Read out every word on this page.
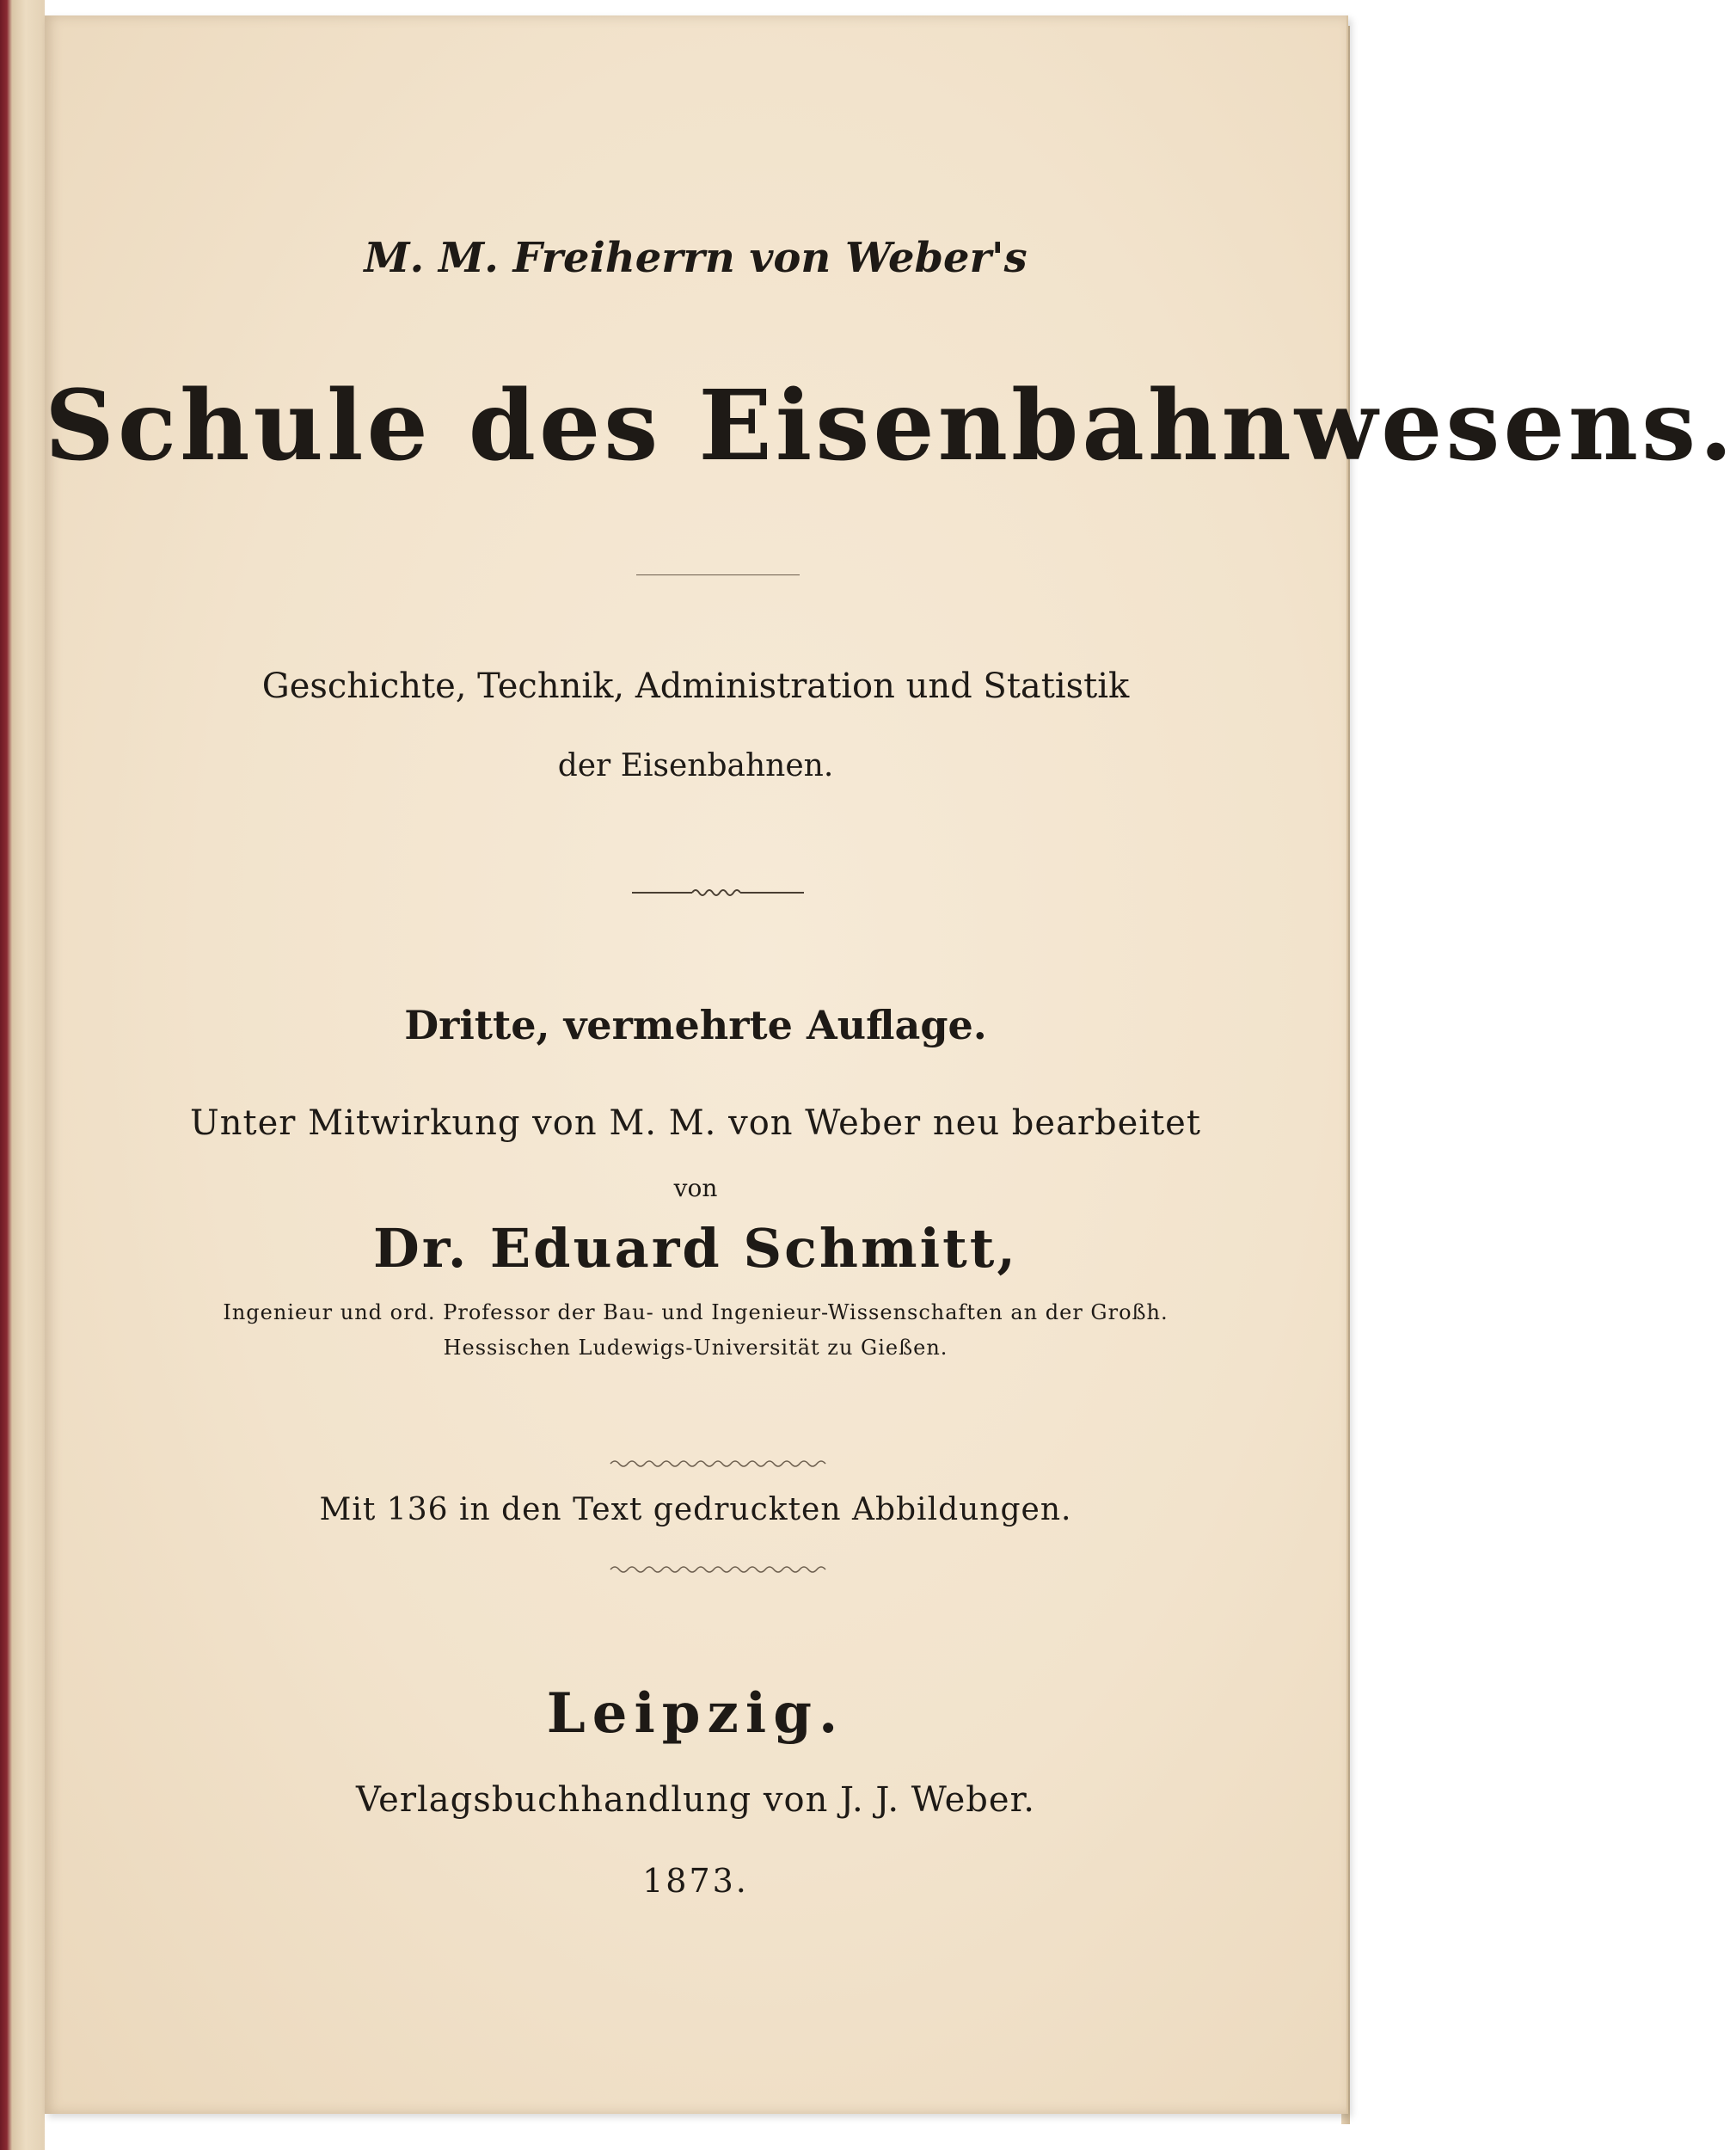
M. M. Freiherrn von Weber's

Schule des Eisenbahnwesens.

Geschichte, Technik, Administration und Statistik

der Eisenbahnen.

Dritte, vermehrte Auflage.

Unter Mitwirkung von M. M. von Weber neu bearbeitet

von

Dr. Eduard Schmitt,

Ingenieur und ord. Professor der Bau- und Ingenieur-Wissenschaften an der Großh.

Hessischen Ludewigs-Universität zu Gießen.

Mit 136 in den Text gedruckten Abbildungen.

Leipzig.

Verlagsbuchhandlung von J. J. Weber.

1873.
